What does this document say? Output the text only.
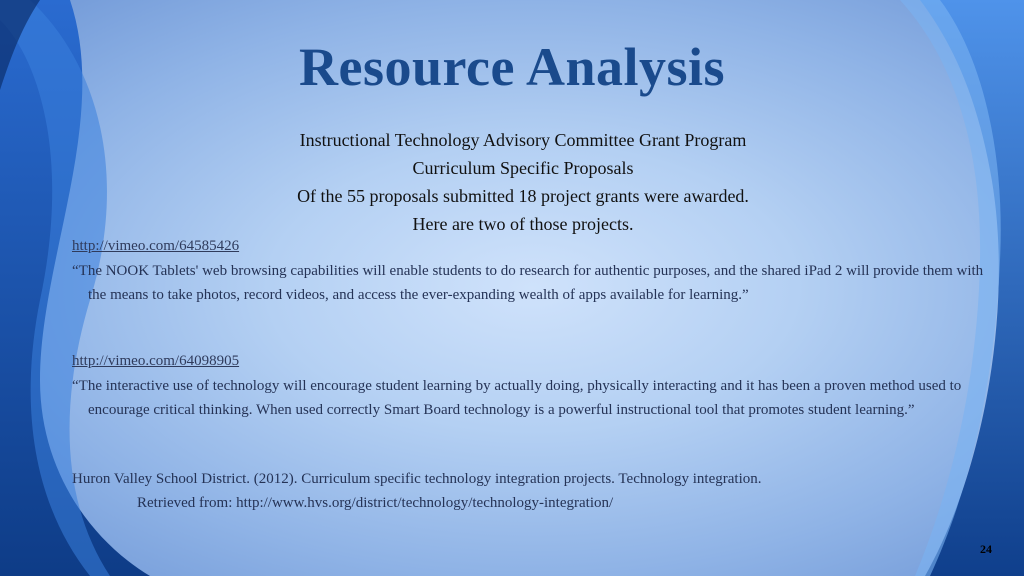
Resource Analysis
Instructional Technology Advisory Committee Grant Program
Curriculum Specific Proposals
Of the 55 proposals submitted 18 project grants were awarded.
Here are two of those projects.
http://vimeo.com/64585426
“The NOOK Tablets' web browsing capabilities will enable students to do research for authentic purposes, and the shared iPad 2 will provide them with the means to take photos, record videos, and access the ever-expanding wealth of apps available for learning.”
http://vimeo.com/64098905
“The interactive use of technology will encourage student learning by actually doing, physically interacting and it has been a proven method used to encourage critical thinking. When used correctly Smart Board technology is a powerful instructional tool that promotes student learning.”
Huron Valley School District. (2012). Curriculum specific technology integration projects. Technology integration.
Retrieved from: http://www.hvs.org/district/technology/technology-integration/
24
